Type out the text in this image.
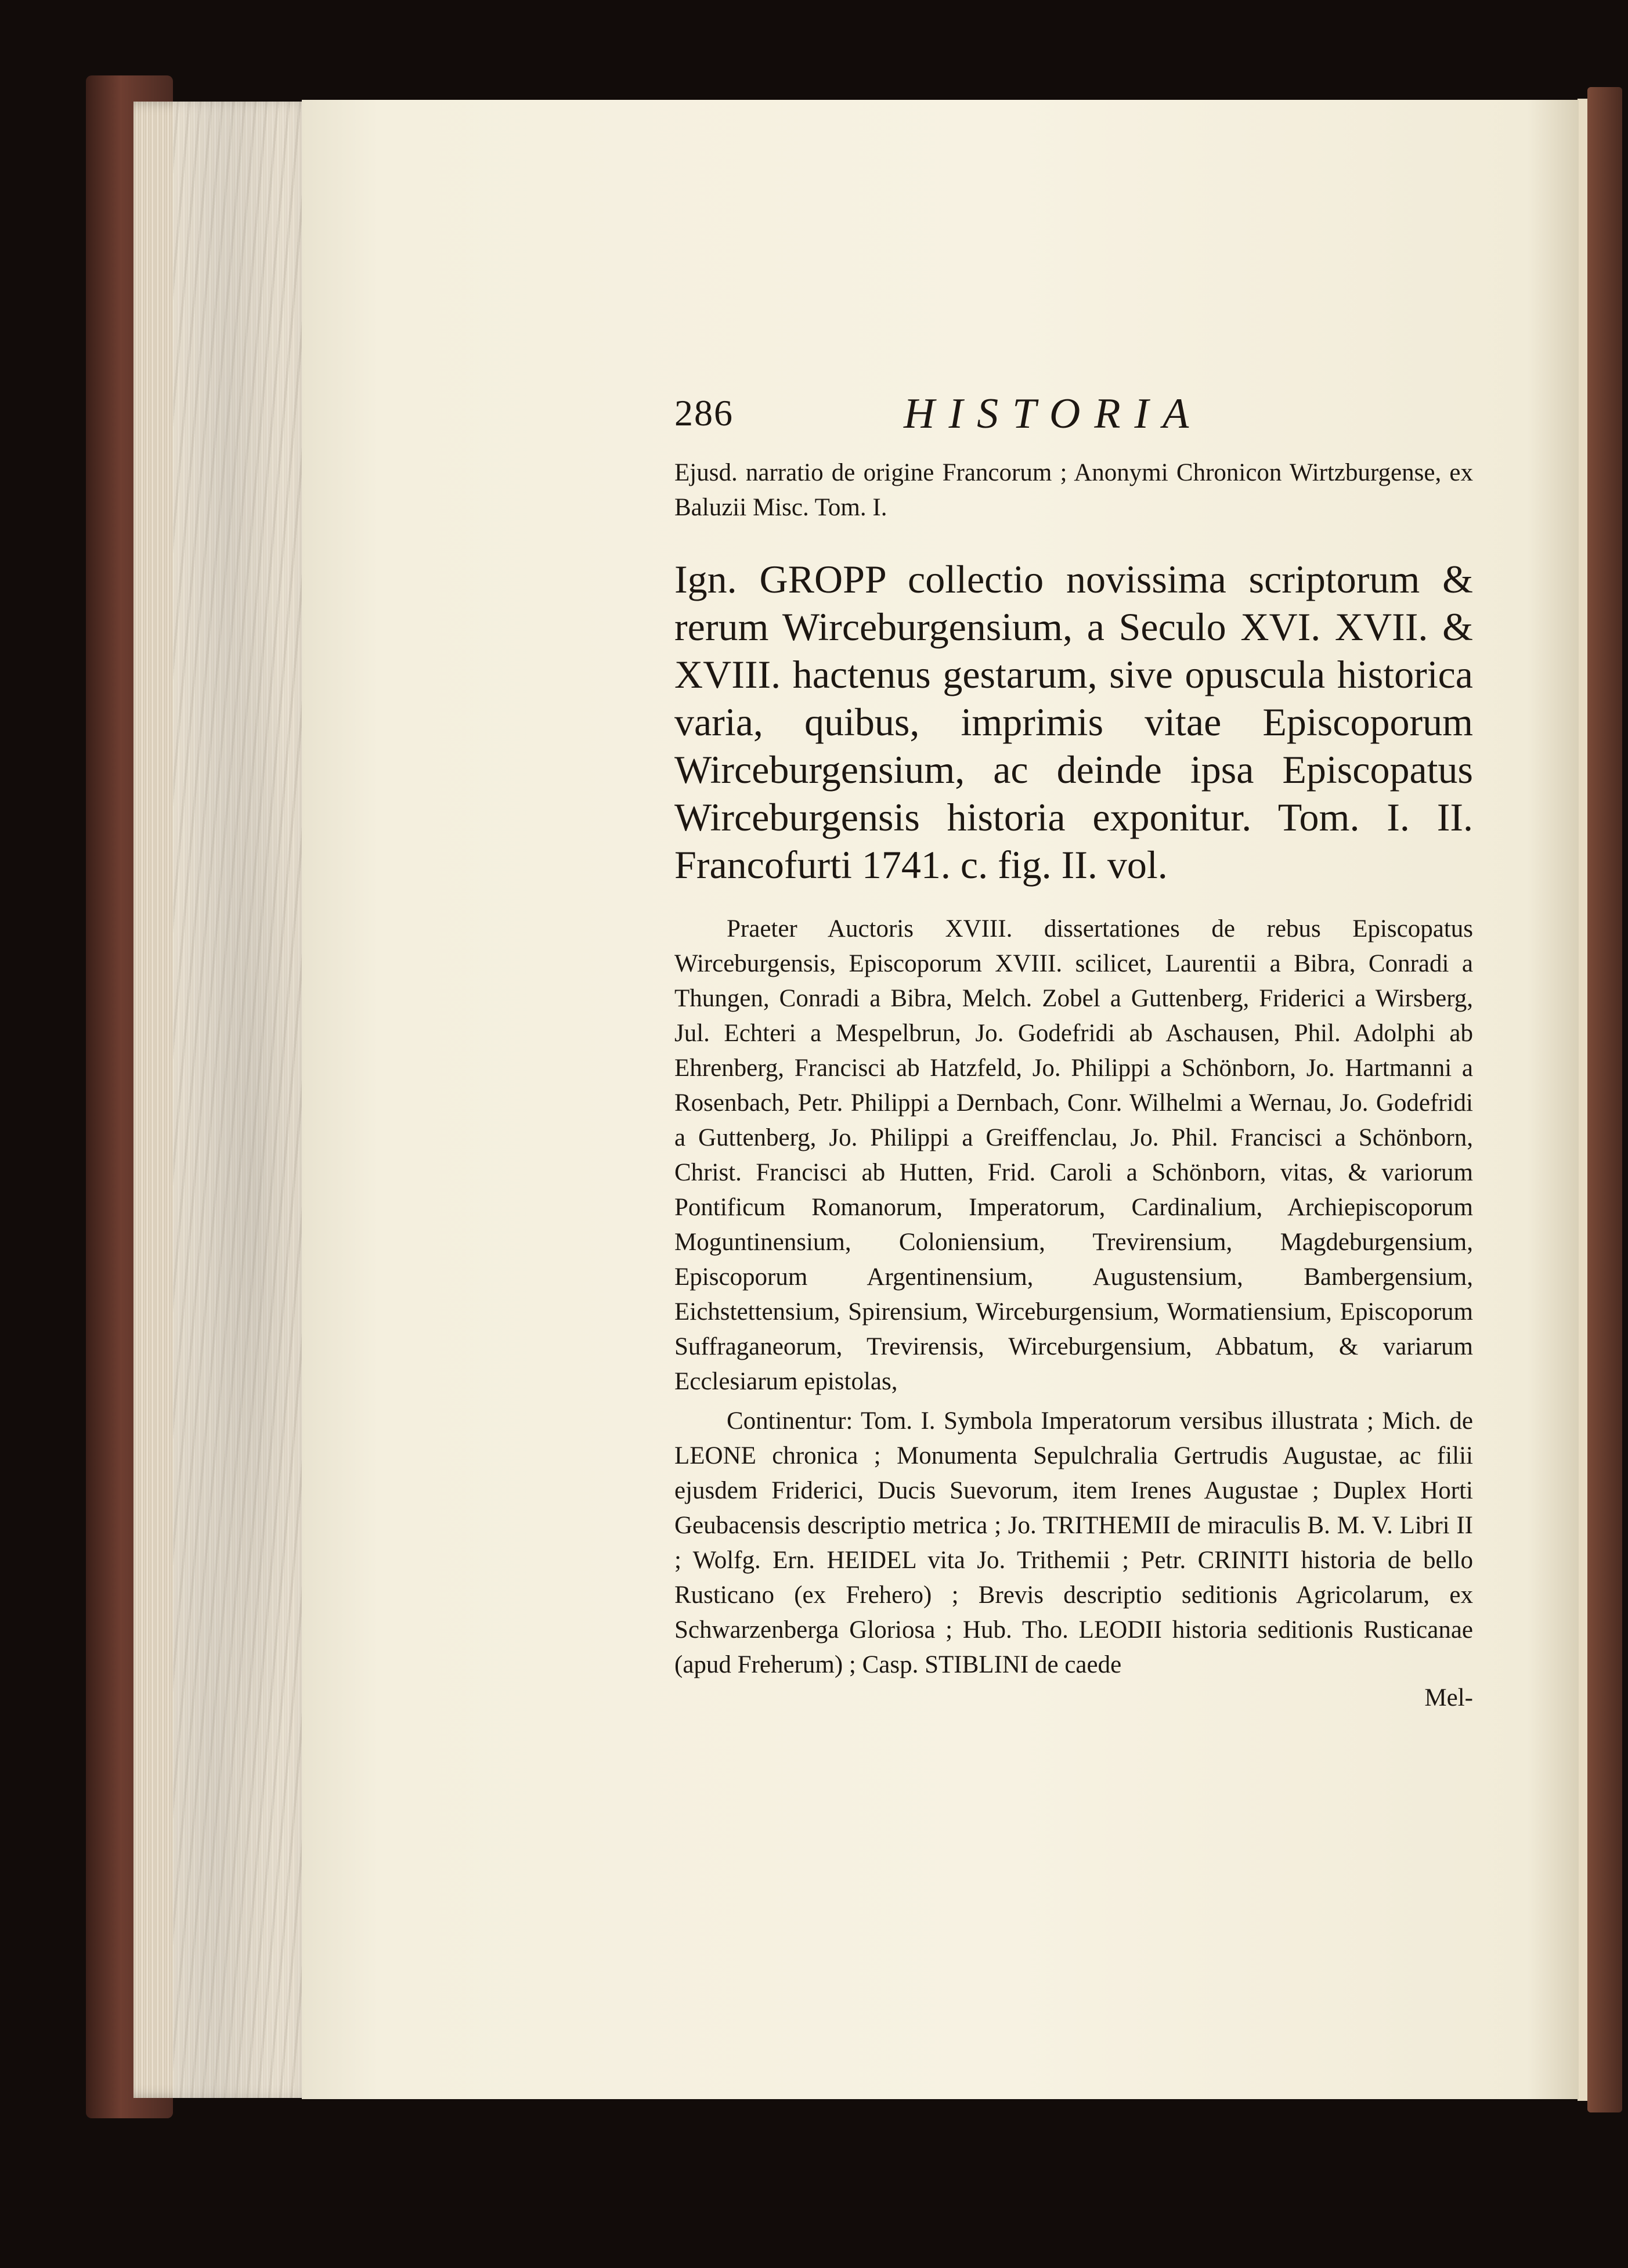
286	HISTORIA
Ejusd. narratio de origine Francorum ; Anonymi Chronicon Wirtzburgense, ex Baluzii Misc. Tom. I.
Ign. GROPP collectio novissima scriptorum & rerum Wirceburgensium, a Seculo XVI. XVII. & XVIII. hactenus gestarum, sive opuscula historica varia, quibus, imprimis vitae Episcoporum Wirceburgensium, ac deinde ipsa Episcopatus Wirceburgensis historia exponitur. Tom. I. II. Francofurti 1741. c. fig. II. vol.
Praeter Auctoris XVIII. dissertationes de rebus Episcopatus Wirceburgensis, Episcoporum XVIII. scilicet, Laurentii a Bibra, Conradi a Thungen, Conradi a Bibra, Melch. Zobel a Guttenberg, Friderici a Wirsberg, Jul. Echteri a Mespelbrun, Jo. Godefridi ab Aschausen, Phil. Adolphi ab Ehrenberg, Francisci ab Hatzfeld, Jo. Philippi a Schönborn, Jo. Hartmanni a Rosenbach, Petr. Philippi a Dernbach, Conr. Wilhelmi a Wernau, Jo. Godefridi a Guttenberg, Jo. Philippi a Greiffenclau, Jo. Phil. Francisci a Schönborn, Christ. Francisci ab Hutten, Frid. Caroli a Schönborn, vitas, & variorum Pontificum Romanorum, Imperatorum, Cardinalium, Archiepiscoporum Moguntinensium, Coloniensium, Trevirensium, Magdeburgensium, Episcoporum Argentinensium, Augustensium, Bambergensium, Eichstettensium, Spirensium, Wirceburgensium, Wormatiensium, Episcoporum Suffraganeorum, Trevirensis, Wirceburgensium, Abbatum, & variarum Ecclesiarum epistolas,
Continentur: Tom. I. Symbola Imperatorum versibus illustrata ; Mich. de LEONE chronica ; Monumenta Sepulchralia Gertrudis Augustae, ac filii ejusdem Friderici, Ducis Suevorum, item Irenes Augustae ; Duplex Horti Geubacensis descriptio metrica ; Jo. TRITHEMII de miraculis B. M. V. Libri II ; Wolfg. Ern. HEIDEL vita Jo. Trithemii ; Petr. CRINITI historia de bello Rusticano (ex Frehero) ; Brevis descriptio seditionis Agricolarum, ex Schwarzenberga Gloriosa ; Hub. Tho. LEODII historia seditionis Rusticanae (apud Freherum) ; Casp. STIBLINI de caede
Mel-
